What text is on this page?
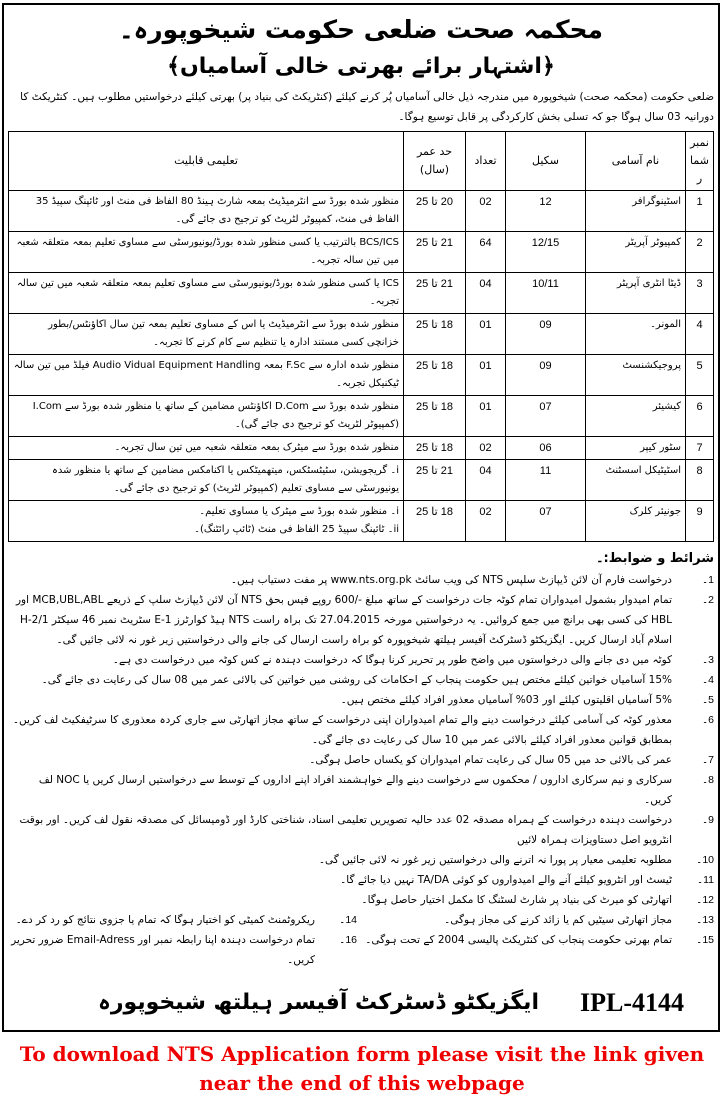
محکمہ صحت ضلعی حکومت شیخوپورہ۔
﴿اشتہار برائے بھرتی خالی آسامیاں﴾
ضلعی حکومت (محکمہ صحت) شیخوپورہ میں مندرجہ ذیل خالی آسامیاں پُر کرنے کیلئے (کنٹریکٹ کی بنیاد پر) بھرتی کیلئے درخواستیں مطلوب ہیں۔ کنٹریکٹ کا دورانیہ 03 سال ہوگا جو کہ تسلی بخش کارکردگی پر قابل توسیع ہوگا۔
نمبر شمار	نام آسامی	سکیل	تعداد	حد عمر (سال)	تعلیمی قابلیت

1	اسٹینوگرافر	12	02	20 تا 25	منظور شدہ بورڈ سے انٹرمیڈیٹ بمعہ شارٹ ہینڈ 80 الفاظ فی منٹ اور ٹائپنگ سپیڈ 35 الفاظ فی منٹ، کمپیوٹر لٹریٹ کو ترجیح دی جائے گی۔

2	کمپیوٹر آپریٹر	12/15	64	21 تا 25	BCS/ICS بالترتیب یا کسی منظور شدہ بورڈ/یونیورسٹی سے مساوی تعلیم بمعہ متعلقہ شعبہ میں تین سالہ تجربہ۔

3	ڈیٹا انٹری آپریٹر	10/11	04	21 تا 25	ICS یا کسی منظور شدہ بورڈ/یونیورسٹی سے مساوی تعلیم بمعہ متعلقہ شعبہ میں تین سالہ تجربہ۔

4	المونر۔	09	01	18 تا 25	منظور شدہ بورڈ سے انٹرمیڈیٹ یا اس کے مساوی تعلیم بمعہ تین سال اکاؤنٹس/بطور خزانچی کسی مستند ادارہ یا تنظیم سے کام کرنے کا تجربہ۔

5	پروجیکشنسٹ	09	01	18 تا 25	منظور شدہ ادارہ سے F.Sc بمعہ Audio Vidual Equipment Handling فیلڈ میں تین سالہ ٹیکنیکل تجربہ۔

6	کیشیئر	07	01	18 تا 25	منظور شدہ بورڈ سے D.Com اکاؤنٹس مضامین کے ساتھ یا منظور شدہ بورڈ سے I.Com (کمپیوٹر لٹریٹ کو ترجیح دی جائے گی)۔

7	سٹور کیپر	06	02	18 تا 25	منظور شدہ بورڈ سے میٹرک بمعہ متعلقہ شعبہ میں تین سال تجربہ۔

8	اسٹیٹیکل اسسٹنٹ	11	04	21 تا 25	i۔ گریجویشن، سٹیٹسٹکس، میتھمیٹکس یا اکنامکس مضامین کے ساتھ یا منظور شدہ یونیورسٹی سے مساوی تعلیم (کمپیوٹر لٹریٹ) کو ترجیح دی جائے گی۔

9	جونیئر کلرک	07	02	18 تا 25	i۔ منظور شدہ بورڈ سے میٹرک یا مساوی تعلیم۔
ii۔ ٹائپنگ سپیڈ 25 الفاظ فی منٹ (ٹائپ رائٹنگ)۔
شرائط و ضوابط:۔
1۔
درخواست فارم آن لائن ڈیپازٹ سلپس NTS کی ویب سائٹ www.nts.org.pk پر مفت دستیاب ہیں۔
2۔
تمام امیدوار بشمول امیدواران تمام کوٹہ جات درخواست کے ساتھ مبلغ -/600 روپے فیس بحق NTS آن لائن ڈیپازٹ سلپ کے ذریعے MCB,UBL,ABL اور HBL کی کسی بھی برانچ میں جمع کروائیں۔ یہ درخواستیں مورخہ 27.04.2015 تک براہ راست NTS ہیڈ کوارٹرز E-1 سٹریٹ نمبر 46 سیکٹر H-2/1 اسلام آباد ارسال کریں۔ ایگزیکٹو ڈسٹرکٹ آفیسر ہیلتھ شیخوپورہ کو براہ راست ارسال کی جانے والی درخواستیں زیر غور نہ لائی جائیں گی۔
3۔
کوٹہ میں دی جانے والی درخواستوں میں واضح طور پر تحریر کرنا ہوگا کہ درخواست دہندہ نے کس کوٹہ میں درخواست دی ہے۔
4۔
15% آسامیاں خواتین کیلئے مختص ہیں حکومت پنجاب کے احکامات کی روشنی میں خواتین کی بالائی عمر میں 08 سال کی رعایت دی جائے گی۔
5۔
5% آسامیاں اقلیتوں کیلئے اور 03% آسامیاں معذور افراد کیلئے مختص ہیں۔
6۔
معذور کوٹہ کی آسامی کیلئے درخواست دینے والے تمام امیدواران اپنی درخواست کے ساتھ مجاز اتھارٹی سے جاری کردہ معذوری کا سرٹیفکیٹ لف کریں۔ بمطابق قوانین معذور افراد کیلئے بالائی عمر میں 10 سال کی رعایت دی جائے گی۔
7۔
عمر کی بالائی حد میں 05 سال کی رعایت تمام امیدواران کو یکساں حاصل ہوگی۔
8۔
سرکاری و نیم سرکاری اداروں / محکموں سے درخواست دینے والے خواہشمند افراد اپنے اداروں کے توسط سے درخواستیں ارسال کریں یا NOC لف کریں۔
9۔
درخواست دہندہ درخواست کے ہمراہ مصدقہ 02 عدد حالیہ تصویریں تعلیمی اسناد، شناختی کارڈ اور ڈومیسائل کی مصدقہ نقول لف کریں۔ اور بوقت انٹرویو اصل دستاویزات ہمراہ لائیں
10۔
مطلوبہ تعلیمی معیار پر پورا نہ اترنے والی درخواستیں زیر غور نہ لائی جائیں گی۔
11۔
ٹیسٹ اور انٹرویو کیلئے آنے والے امیدواروں کو کوئی TA/DA نہیں دیا جائے گا۔
12۔
اتھارٹی کو میرٹ کی بنیاد پر شارٹ لسٹنگ کا مکمل اختیار حاصل ہوگا۔
13۔
مجاز اتھارٹی سیٹیں کم یا زائد کرنے کی مجاز ہوگی۔
14۔
ریکروٹمنٹ کمیٹی کو اختیار ہوگا کہ تمام یا جزوی نتائج کو رد کر دے۔
15۔
تمام بھرتی حکومت پنجاب کی کنٹریکٹ پالیسی 2004 کے تحت ہوگی۔
16۔
تمام درخواست دہندہ اپنا رابطہ نمبر اور Email-Adress ضرور تحریر کریں۔
ایگزیکٹو ڈسٹرکٹ آفیسر ہیلتھ شیخوپورہ IPL-4144
To download NTS Application form please visit the link given
near the end of this webpage
